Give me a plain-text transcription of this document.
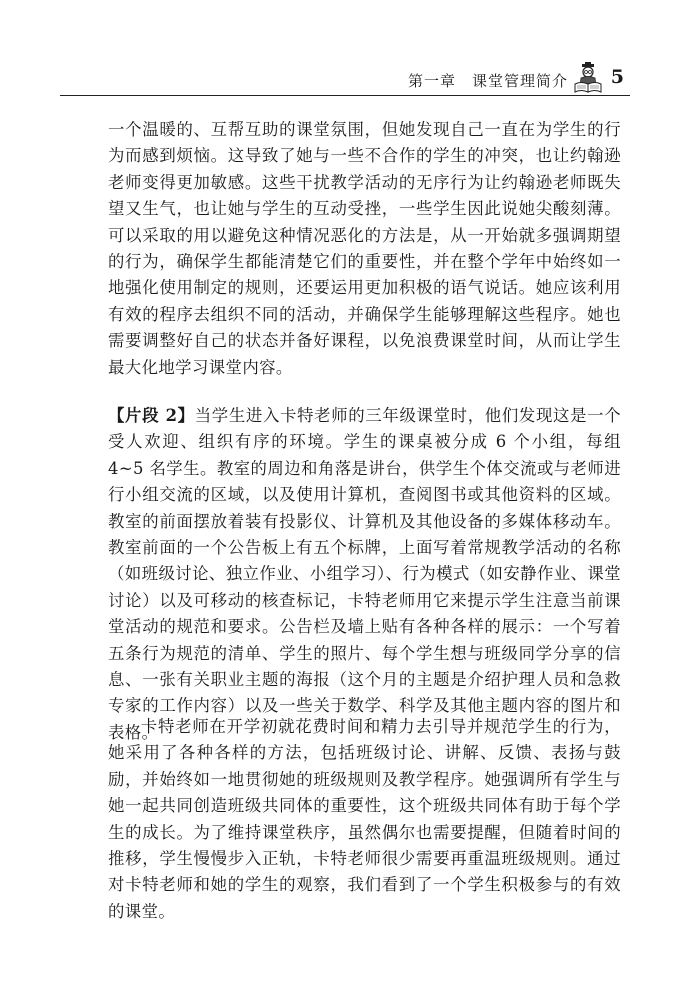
第一章　课堂管理简介 5

一个温暖的、互帮互助的课堂氛围，但她发现自己一直在为学生的行为而感到烦恼。这导致了她与一些不合作的学生的冲突，也让约翰逊老师变得更加敏感。这些干扰教学活动的无序行为让约翰逊老师既失望又生气，也让她与学生的互动受挫，一些学生因此说她尖酸刻薄。可以采取的用以避免这种情况恶化的方法是，从一开始就多强调期望的行为，确保学生都能清楚它们的重要性，并在整个学年中始终如一地强化使用制定的规则，还要运用更加积极的语气说话。她应该利用有效的程序去组织不同的活动，并确保学生能够理解这些程序。她也需要调整好自己的状态并备好课程，以免浪费课堂时间，从而让学生最大化地学习课堂内容。

【片段 2】当学生进入卡特老师的三年级课堂时，他们发现这是一个受人欢迎、组织有序的环境。学生的课桌被分成 6 个小组，每组 4~5 名学生。教室的周边和角落是讲台，供学生个体交流或与老师进行小组交流的区域，以及使用计算机，查阅图书或其他资料的区域。教室的前面摆放着装有投影仪、计算机及其他设备的多媒体移动车。教室前面的一个公告板上有五个标牌，上面写着常规教学活动的名称（如班级讨论、独立作业、小组学习）、行为模式（如安静作业、课堂讨论）以及可移动的核查标记，卡特老师用它来提示学生注意当前课堂活动的规范和要求。公告栏及墙上贴有各种各样的展示：一个写着五条行为规范的清单、学生的照片、每个学生想与班级同学分享的信息、一张有关职业主题的海报（这个月的主题是介绍护理人员和急救专家的工作内容）以及一些关于数学、科学及其他主题内容的图片和表格。

卡特老师在开学初就花费时间和精力去引导并规范学生的行为，她采用了各种各样的方法，包括班级讨论、讲解、反馈、表扬与鼓励，并始终如一地贯彻她的班级规则及教学程序。她强调所有学生与她一起共同创造班级共同体的重要性，这个班级共同体有助于每个学生的成长。为了维持课堂秩序，虽然偶尔也需要提醒，但随着时间的推移，学生慢慢步入正轨，卡特老师很少需要再重温班级规则。通过对卡特老师和她的学生的观察，我们看到了一个学生积极参与的有效的课堂。
